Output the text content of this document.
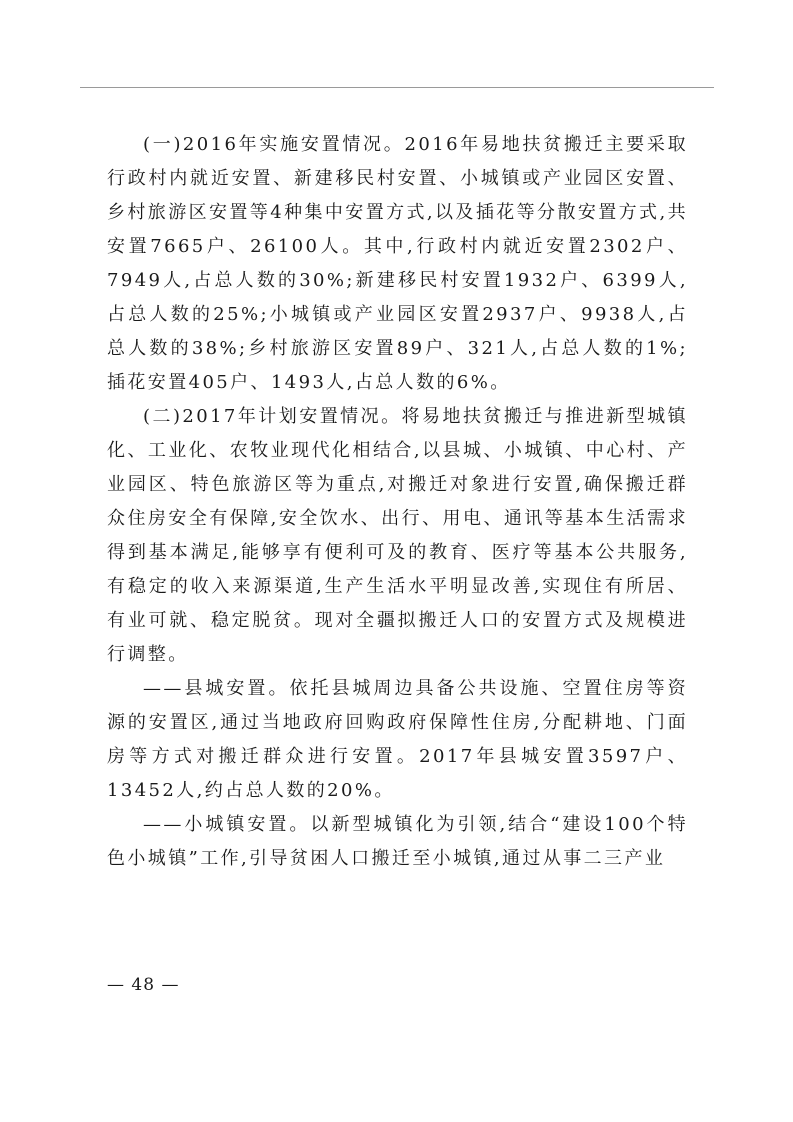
(一)2016年实施安置情况。2016年易地扶贫搬迁主要采取行政村内就近安置、新建移民村安置、小城镇或产业园区安置、乡村旅游区安置等4种集中安置方式,以及插花等分散安置方式,共安置7665户、26100人。其中,行政村内就近安置2302户、7949人,占总人数的30%;新建移民村安置1932户、6399人,占总人数的25%;小城镇或产业园区安置2937户、9938人,占总人数的38%;乡村旅游区安置89户、321人,占总人数的1%;插花安置405户、1493人,占总人数的6%。

(二)2017年计划安置情况。将易地扶贫搬迁与推进新型城镇化、工业化、农牧业现代化相结合,以县城、小城镇、中心村、产业园区、特色旅游区等为重点,对搬迁对象进行安置,确保搬迁群众住房安全有保障,安全饮水、出行、用电、通讯等基本生活需求得到基本满足,能够享有便利可及的教育、医疗等基本公共服务,有稳定的收入来源渠道,生产生活水平明显改善,实现住有所居、有业可就、稳定脱贫。现对全疆拟搬迁人口的安置方式及规模进行调整。

——县城安置。依托县城周边具备公共设施、空置住房等资源的安置区,通过当地政府回购政府保障性住房,分配耕地、门面房等方式对搬迁群众进行安置。2017年县城安置3597户、13452人,约占总人数的20%。

——小城镇安置。以新型城镇化为引领,结合“建设100个特色小城镇”工作,引导贫困人口搬迁至小城镇,通过从事二三产业

— 48 —
